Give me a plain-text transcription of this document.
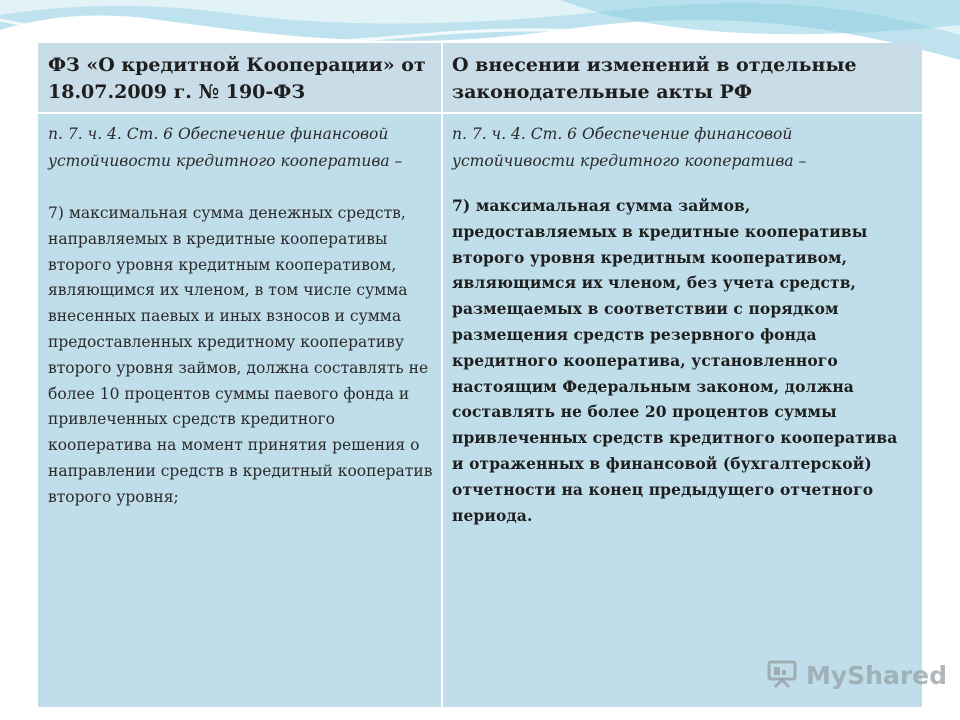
ФЗ «О кредитной Кооперации» от 18.07.2009 г. № 190-ФЗ
О внесении изменений в отдельные законодательные акты РФ
п. 7. ч. 4. Ст. 6 Обеспечение финансовой устойчивости кредитного кооператива –
7) максимальная сумма денежных средств, направляемых в кредитные кооперативы второго уровня кредитным кооперативом, являющимся их членом, в том числе сумма внесенных паевых и иных взносов и сумма предоставленных кредитному кооперативу второго уровня займов, должна составлять не более 10 процентов суммы паевого фонда и привлеченных средств кредитного кооператива на момент принятия решения о направлении средств в кредитный кооператив второго уровня;
п. 7. ч. 4. Ст. 6 Обеспечение финансовой устойчивости кредитного кооператива –
7) максимальная сумма займов, предоставляемых в кредитные кооперативы второго уровня кредитным кооперативом, являющимся их членом, без учета средств, размещаемых в соответствии с порядком размещения средств резервного фонда кредитного кооператива, установленного настоящим Федеральным законом, должна составлять не более 20 процентов суммы привлеченных средств кредитного кооператива и отраженных в финансовой (бухгалтерской) отчетности на конец предыдущего отчетного периода.
MyShared
